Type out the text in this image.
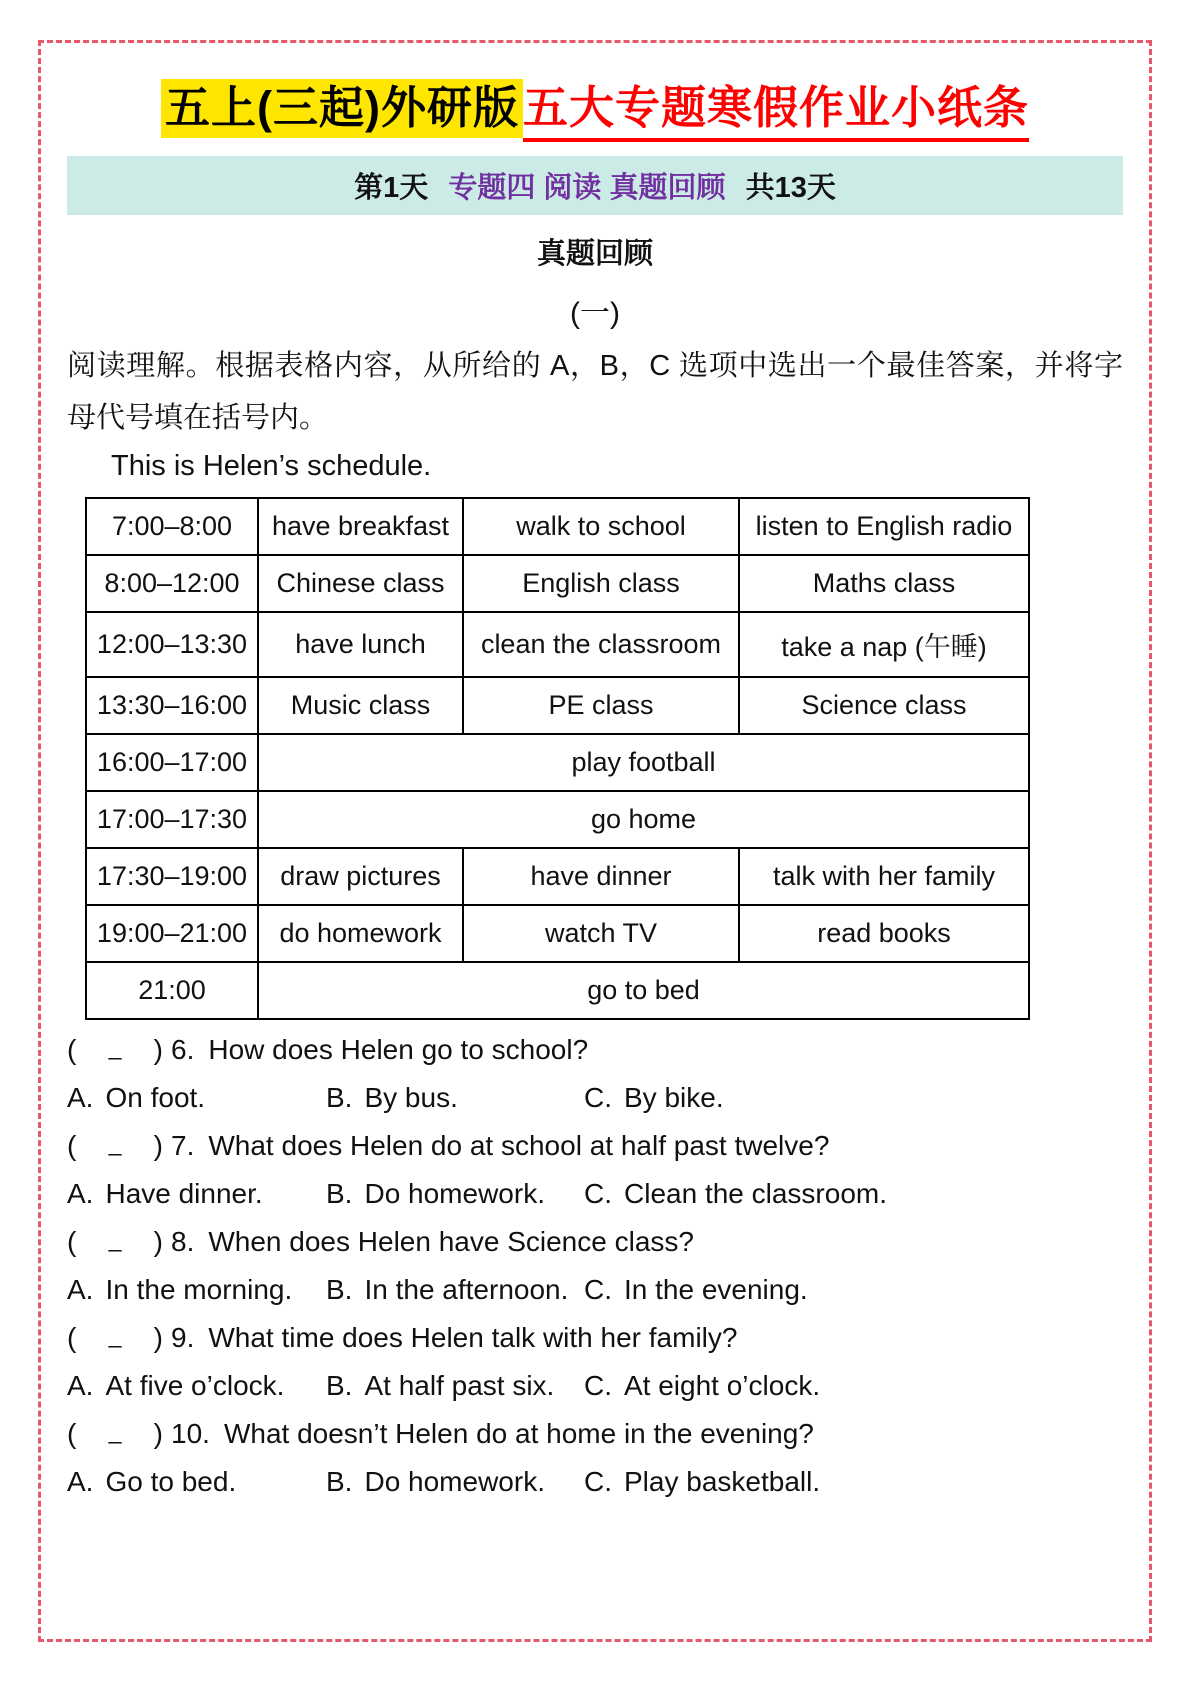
五上(三起)外研版五大专题寒假作业小纸条
第1天 专题四 阅读 真题回顾 共13天
真题回顾
(一)
阅读理解。根据表格内容，从所给的 A，B，C 选项中选出一个最佳答案，并将字母代号填在括号内。
This is Helen’s schedule.
7:00–8:00	have breakfast	walk to school	listen to English radio
8:00–12:00	Chinese class	English class	Maths class
12:00–13:30	have lunch	clean the classroom	take a nap (午睡)
13:30–16:00	Music class	PE class	Science class
16:00–17:00	play football		
17:00–17:30	go home		
17:30–19:00	draw pictures	have dinner	talk with her family
19:00–21:00	do homework	watch TV	read books
21:00	go to bed		
( _ ) 6. How does Helen go to school?
A. On foot.	B. By bus.	C. By bike.
( _ ) 7. What does Helen do at school at half past twelve?
A. Have dinner.	B. Do homework.	C. Clean the classroom.
( _ ) 8. When does Helen have Science class?
A. In the morning.	B. In the afternoon. C. In the evening.
( _ ) 9. What time does Helen talk with her family?
A. At five o’clock.	B. At half past six.	C. At eight o’clock.
( _ ) 10. What doesn’t Helen do at home in the evening?
A. Go to bed.	B. Do homework.	C. Play basketball.
